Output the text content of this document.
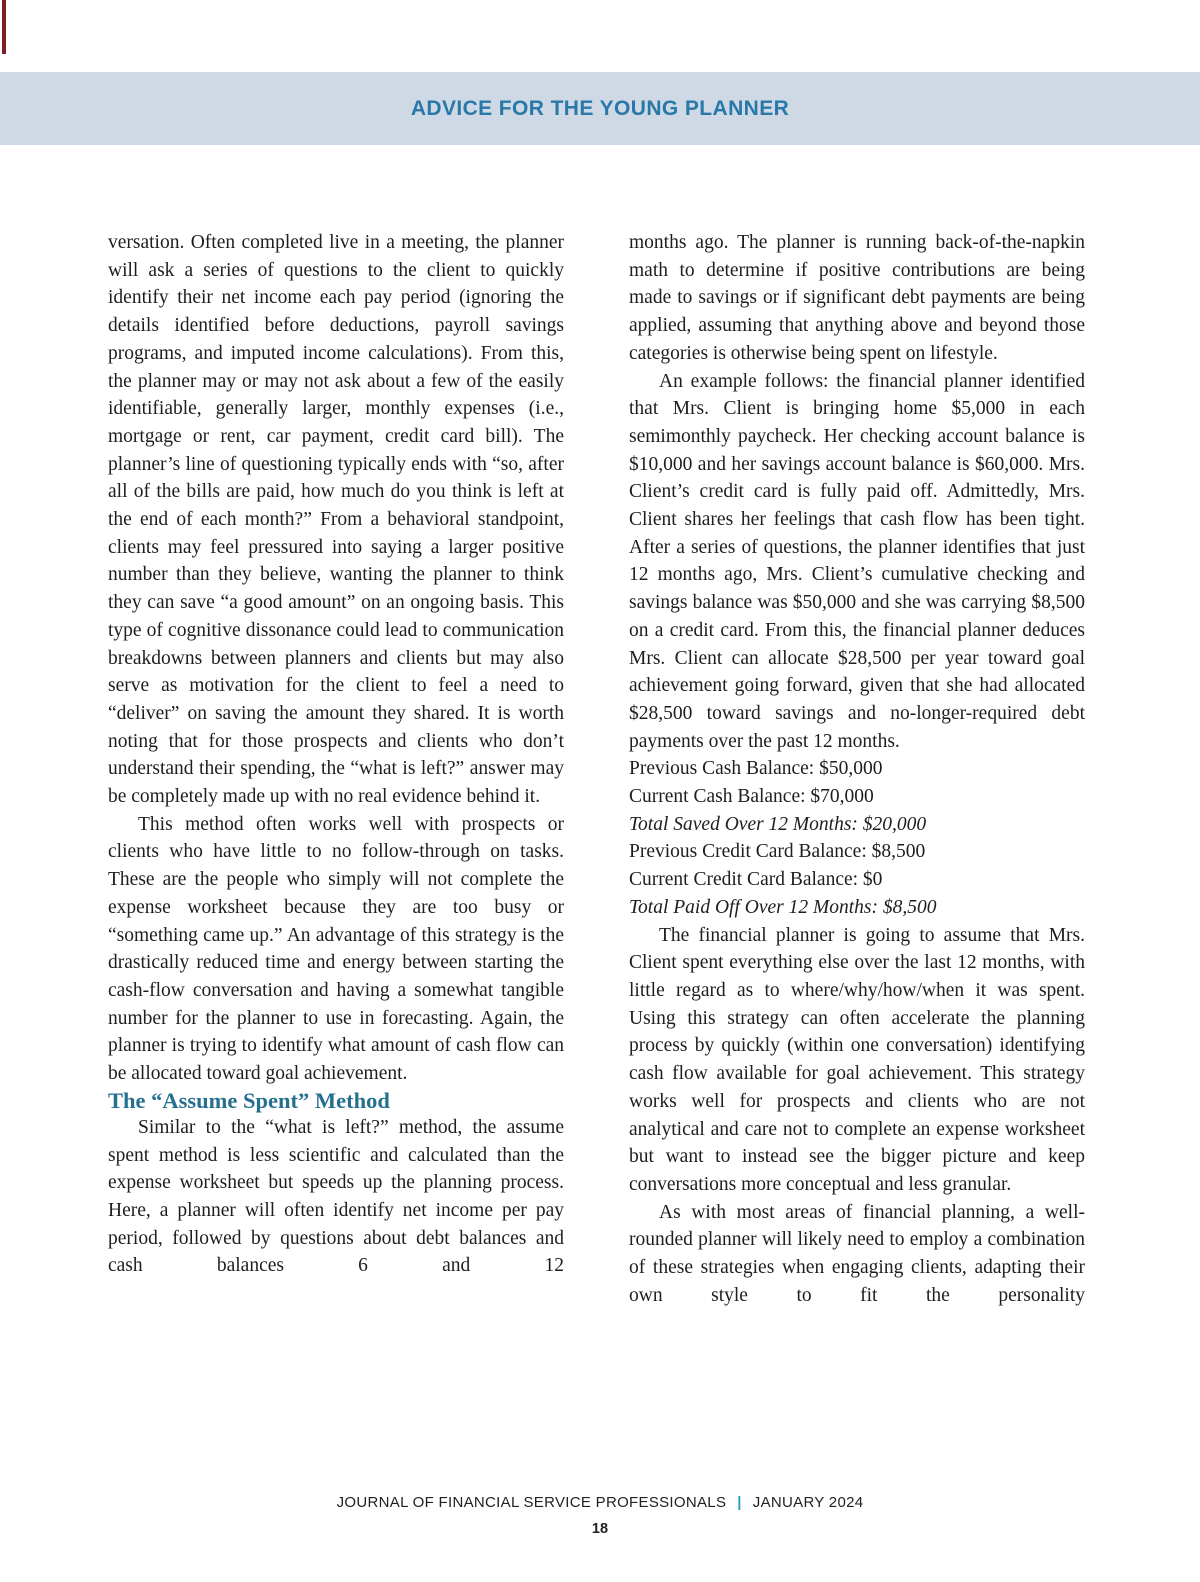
ADVICE FOR THE YOUNG PLANNER

versation. Often completed live in a meeting, the planner will ask a series of questions to the client to quickly identify their net income each pay period (ignoring the details identified before deductions, payroll savings programs, and imputed income calculations). From this, the planner may or may not ask about a few of the easily identifiable, generally larger, monthly expenses (i.e., mortgage or rent, car payment, credit card bill). The planner’s line of questioning typically ends with “so, after all of the bills are paid, how much do you think is left at the end of each month?” From a behavioral standpoint, clients may feel pressured into saying a larger positive number than they believe, wanting the planner to think they can save “a good amount” on an ongoing basis. This type of cognitive dissonance could lead to communication breakdowns between planners and clients but may also serve as motivation for the client to feel a need to “deliver” on saving the amount they shared. It is worth noting that for those prospects and clients who don’t understand their spending, the “what is left?” answer may be completely made up with no real evidence behind it.

This method often works well with prospects or clients who have little to no follow-through on tasks. These are the people who simply will not complete the expense worksheet because they are too busy or “something came up.” An advantage of this strategy is the drastically reduced time and energy between starting the cash-flow conversation and having a somewhat tangible number for the planner to use in forecasting. Again, the planner is trying to identify what amount of cash flow can be allocated toward goal achievement.

The “Assume Spent” Method

Similar to the “what is left?” method, the assume spent method is less scientific and calculated than the expense worksheet but speeds up the planning process. Here, a planner will often identify net income per pay period, followed by questions about debt balances and cash balances 6 and 12

months ago. The planner is running back-of-the-napkin math to determine if positive contributions are being made to savings or if significant debt payments are being applied, assuming that anything above and beyond those categories is otherwise being spent on lifestyle.

An example follows: the financial planner identified that Mrs. Client is bringing home $5,000 in each semimonthly paycheck. Her checking account balance is $10,000 and her savings account balance is $60,000. Mrs. Client’s credit card is fully paid off. Admittedly, Mrs. Client shares her feelings that cash flow has been tight. After a series of questions, the planner identifies that just 12 months ago, Mrs. Client’s cumulative checking and savings balance was $50,000 and she was carrying $8,500 on a credit card. From this, the financial planner deduces Mrs. Client can allocate $28,500 per year toward goal achievement going forward, given that she had allocated $28,500 toward savings and no-longer-required debt payments over the past 12 months.

Previous Cash Balance: $50,000

Current Cash Balance: $70,000

Total Saved Over 12 Months: $20,000

Previous Credit Card Balance: $8,500

Current Credit Card Balance: $0

Total Paid Off Over 12 Months: $8,500

The financial planner is going to assume that Mrs. Client spent everything else over the last 12 months, with little regard as to where/why/how/when it was spent. Using this strategy can often accelerate the planning process by quickly (within one conversation) identifying cash flow available for goal achievement. This strategy works well for prospects and clients who are not analytical and care not to complete an expense worksheet but want to instead see the bigger picture and keep conversations more conceptual and less granular.

As with most areas of financial planning, a well-rounded planner will likely need to employ a combination of these strategies when engaging clients, adapting their own style to fit the personality

JOURNAL OF FINANCIAL SERVICE PROFESSIONALS | JANUARY 2024
18
